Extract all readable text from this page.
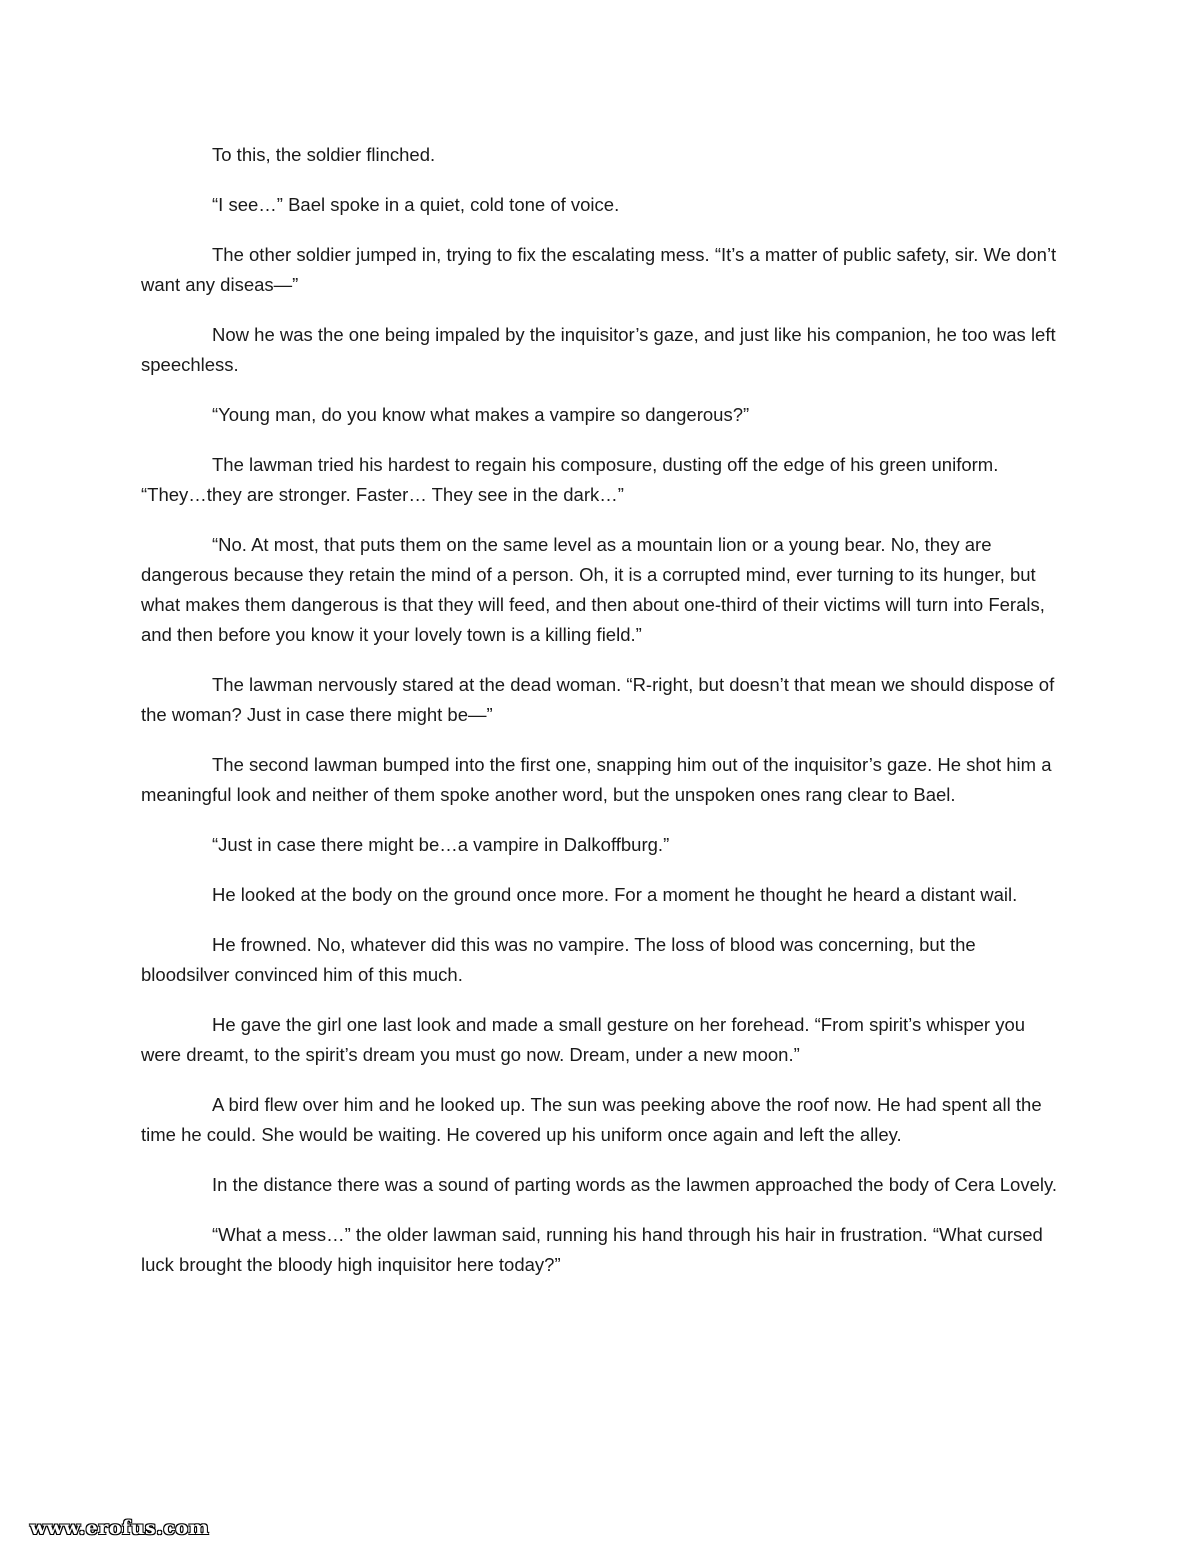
To this, the soldier flinched.

“I see…” Bael spoke in a quiet, cold tone of voice.

The other soldier jumped in, trying to fix the escalating mess. “It’s a matter of public safety, sir. We don’t want any diseas—”

Now he was the one being impaled by the inquisitor’s gaze, and just like his companion, he too was left speechless.

“Young man, do you know what makes a vampire so dangerous?”

The lawman tried his hardest to regain his composure, dusting off the edge of his green uniform. “They…they are stronger. Faster… They see in the dark…”

“No. At most, that puts them on the same level as a mountain lion or a young bear. No, they are dangerous because they retain the mind of a person. Oh, it is a corrupted mind, ever turning to its hunger, but what makes them dangerous is that they will feed, and then about one-third of their victims will turn into Ferals, and then before you know it your lovely town is a killing field.”

The lawman nervously stared at the dead woman. “R-right, but doesn’t that mean we should dispose of the woman? Just in case there might be—”

The second lawman bumped into the first one, snapping him out of the inquisitor’s gaze. He shot him a meaningful look and neither of them spoke another word, but the unspoken ones rang clear to Bael.

“Just in case there might be…a vampire in Dalkoffburg.”

He looked at the body on the ground once more. For a moment he thought he heard a distant wail.

He frowned. No, whatever did this was no vampire. The loss of blood was concerning, but the bloodsilver convinced him of this much.

He gave the girl one last look and made a small gesture on her forehead. “From spirit’s whisper you were dreamt, to the spirit’s dream you must go now. Dream, under a new moon.”

A bird flew over him and he looked up. The sun was peeking above the roof now. He had spent all the time he could. She would be waiting. He covered up his uniform once again and left the alley.

In the distance there was a sound of parting words as the lawmen approached the body of Cera Lovely.

“What a mess…” the older lawman said, running his hand through his hair in frustration. “What cursed luck brought the bloody high inquisitor here today?”

www.erofus.com
